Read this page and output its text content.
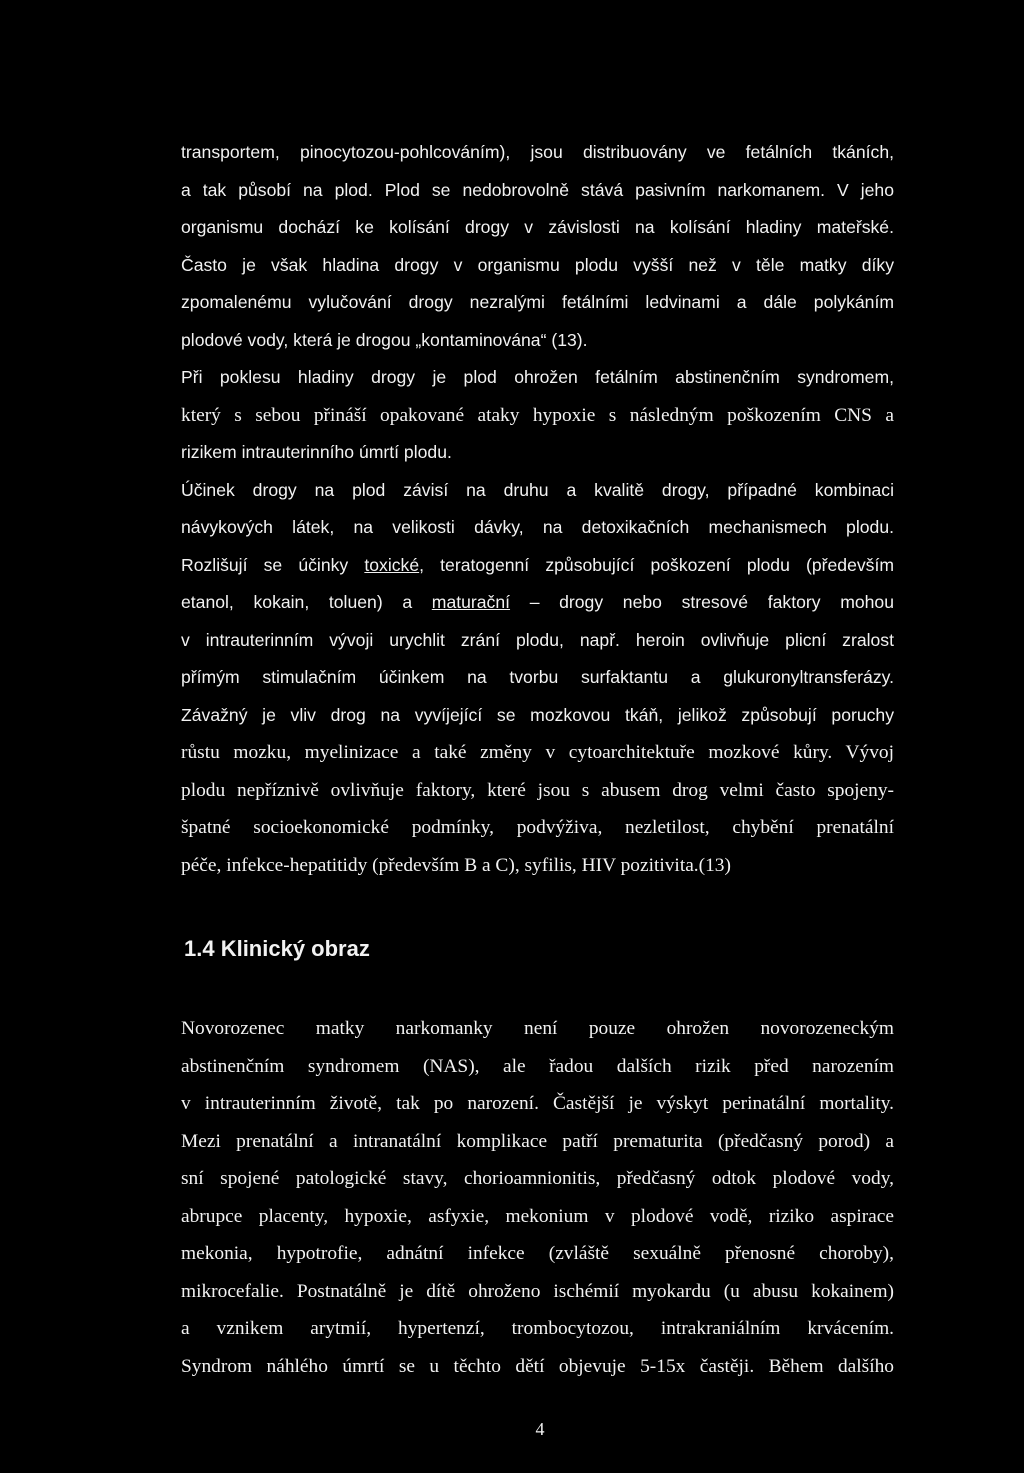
transportem, pinocytozou-pohlcováním), jsou distribuovány ve fetálních tkáních,
a tak působí na plod. Plod se nedobrovolně stává pasivním narkomanem. V jeho
organismu dochází ke kolísání drogy v závislosti na kolísání hladiny mateřské.
Často je však hladina drogy v organismu plodu vyšší než v těle matky díky
zpomalenému vylučování drogy nezralými fetálními ledvinami a dále polykáním
plodové vody, která je drogou „kontaminována“ (13).
Při poklesu hladiny drogy je plod ohrožen fetálním abstinenčním syndromem,
který s sebou přináší opakované ataky hypoxie s následným poškozením CNS a
rizikem intrauterinního úmrtí plodu.
Účinek drogy na plod závisí na druhu a kvalitě drogy, případné kombinaci
návykových látek, na velikosti dávky, na detoxikačních mechanismech plodu.
Rozlišují se účinky toxické, teratogenní způsobující poškození plodu (především
etanol, kokain, toluen) a maturační – drogy nebo stresové faktory mohou
v intrauterinním vývoji urychlit zrání plodu, např. heroin ovlivňuje plicní zralost
přímým stimulačním účinkem na tvorbu surfaktantu a glukuronyltransferázy.
Závažný je vliv drog na vyvíjející se mozkovou tkáň, jelikož způsobují poruchy
růstu mozku, myelinizace a také změny v cytoarchitektuře mozkové kůry. Vývoj
plodu nepříznivě ovlivňuje faktory, které jsou s abusem drog velmi často spojeny-
špatné socioekonomické podmínky, podvýživa, nezletilost, chybění prenatální
péče, infekce-hepatitidy (především B a C), syfilis, HIV pozitivita.(13)
1.4 Klinický obraz
Novorozenec matky narkomanky není pouze ohrožen novorozeneckým
abstinenčním syndromem (NAS), ale řadou dalších rizik před narozením
v intrauterinním životě, tak po narození. Častější je výskyt perinatální mortality.
Mezi prenatální a intranatální komplikace patří prematurita (předčasný porod) a
sní spojené patologické stavy, chorioamnionitis, předčasný odtok plodové vody,
abrupce placenty, hypoxie, asfyxie, mekonium v plodové vodě, riziko aspirace
mekonia, hypotrofie, adnátní infekce (zvláště sexuálně přenosné choroby),
mikrocefalie. Postnatálně je dítě ohroženo ischémií myokardu (u abusu kokainem)
a vznikem arytmií, hypertenzí, trombocytozou, intrakraniálním krvácením.
Syndrom náhlého úmrtí se u těchto dětí objevuje 5-15x častěji. Během dalšího
4
